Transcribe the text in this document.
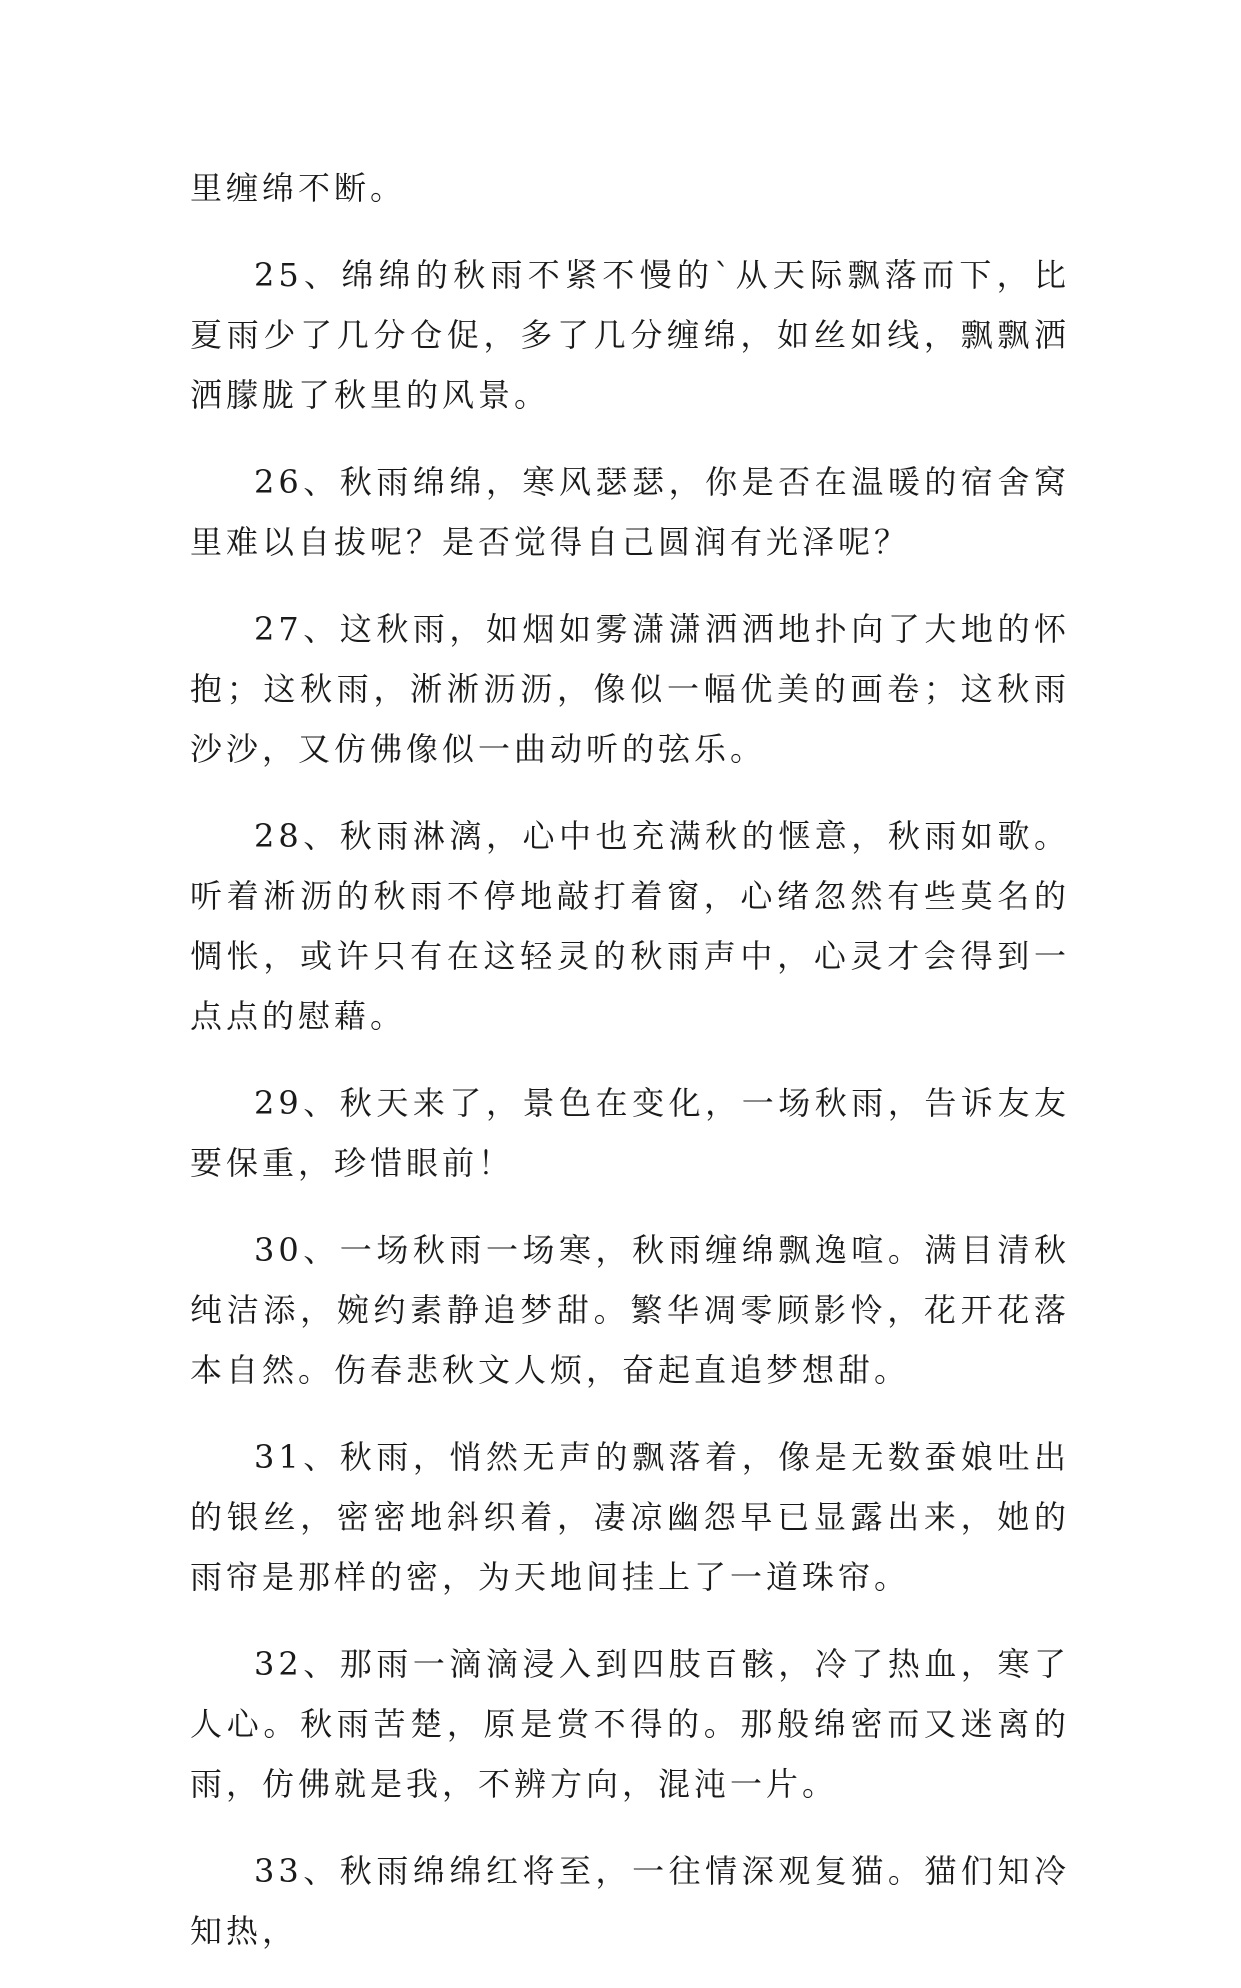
里缠绵不断。

25、绵绵的秋雨不紧不慢的`从天际飘落而下，比夏雨少了几分仓促，多了几分缠绵，如丝如线，飘飘洒洒朦胧了秋里的风景。

26、秋雨绵绵，寒风瑟瑟，你是否在温暖的宿舍窝里难以自拔呢？是否觉得自己圆润有光泽呢？

27、这秋雨，如烟如雾潇潇洒洒地扑向了大地的怀抱；这秋雨，淅淅沥沥，像似一幅优美的画卷；这秋雨沙沙，又仿佛像似一曲动听的弦乐。

28、秋雨淋漓，心中也充满秋的惬意，秋雨如歌。听着淅沥的秋雨不停地敲打着窗，心绪忽然有些莫名的惆怅，或许只有在这轻灵的秋雨声中，心灵才会得到一点点的慰藉。

29、秋天来了，景色在变化，一场秋雨，告诉友友要保重，珍惜眼前！

30、一场秋雨一场寒，秋雨缠绵飘逸喧。满目清秋纯洁添，婉约素静追梦甜。繁华凋零顾影怜，花开花落本自然。伤春悲秋文人烦，奋起直追梦想甜。

31、秋雨，悄然无声的飘落着，像是无数蚕娘吐出的银丝，密密地斜织着，凄凉幽怨早已显露出来，她的雨帘是那样的密，为天地间挂上了一道珠帘。

32、那雨一滴滴浸入到四肢百骸，冷了热血，寒了人心。秋雨苦楚，原是赏不得的。那般绵密而又迷离的雨，仿佛就是我，不辨方向，混沌一片。

33、秋雨绵绵红将至，一往情深观复猫。猫们知冷知热，
